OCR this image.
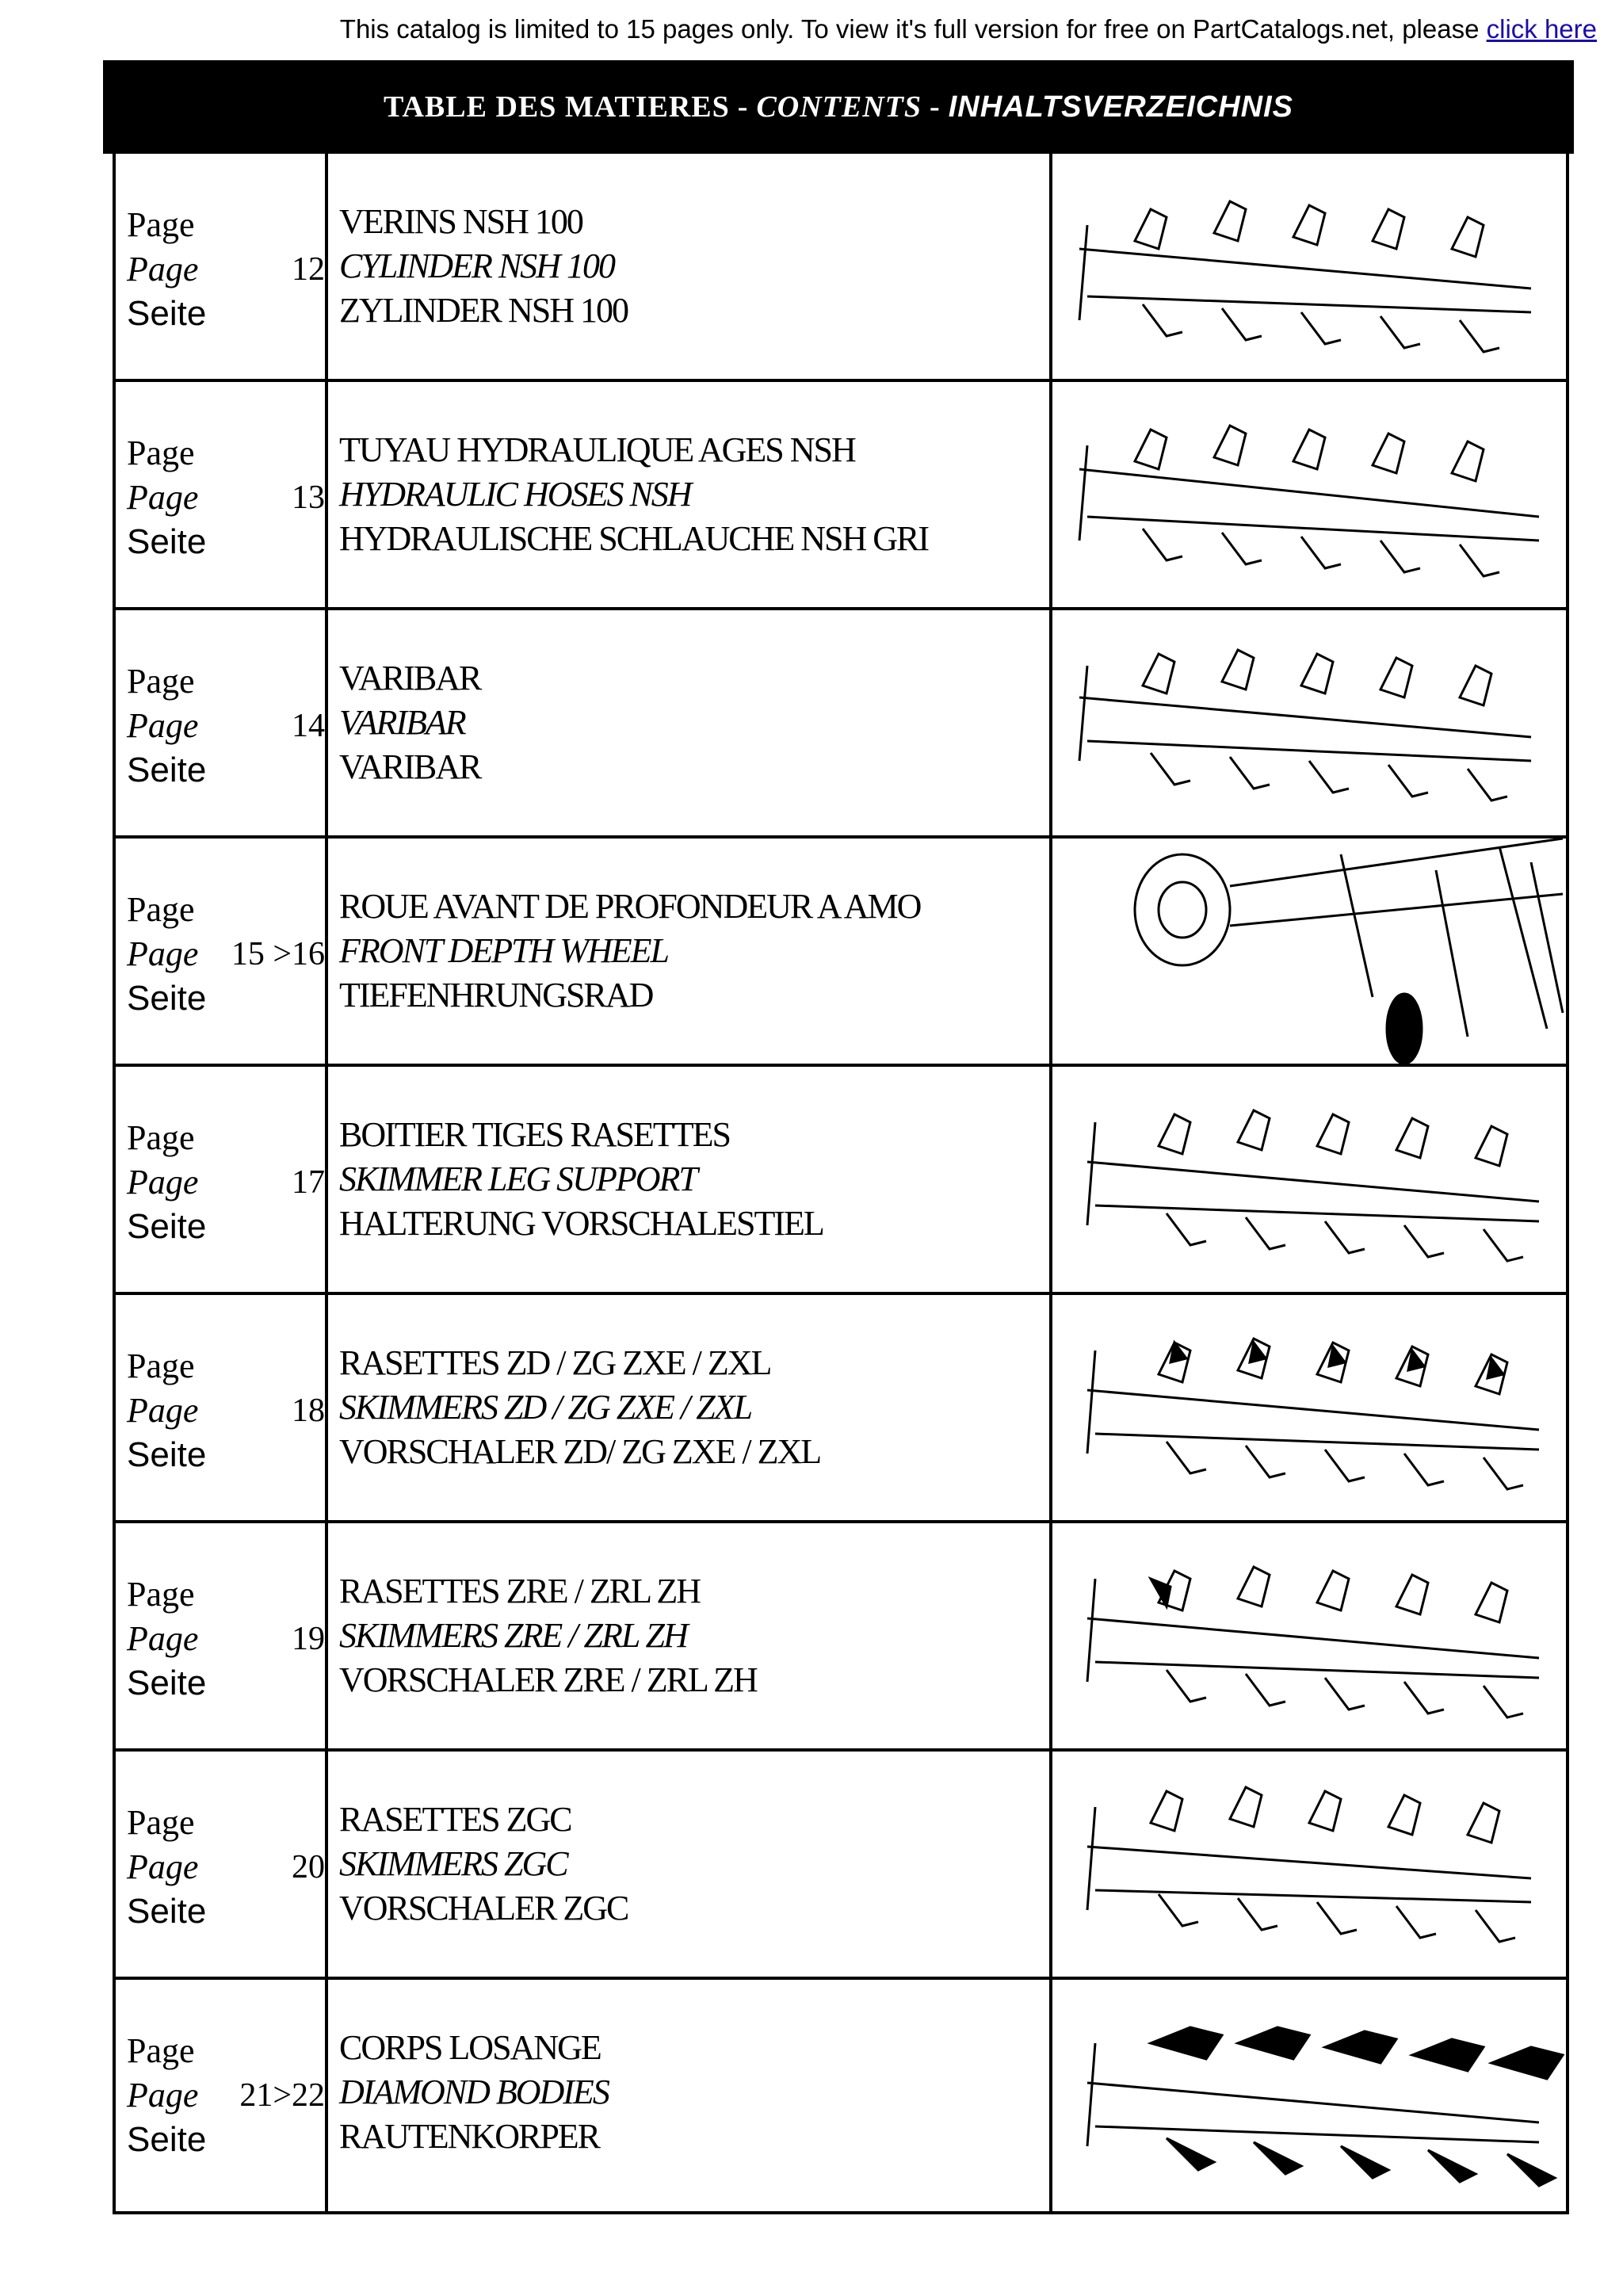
This catalog is limited to 15 pages only. To view it's full version for free on PartCatalogs.net, please click here
TABLE DES MATIERES - CONTENTS - INHALTSVERZEICHNIS
Page
Page
Seite
12
VERINS NSH 100
CYLINDER NSH 100
ZYLINDER NSH 100
Page
Page
Seite
13
TUYAU HYDRAULIQUE AGES NSH
HYDRAULIC HOSES NSH
HYDRAULISCHE SCHLAUCHE NSH GRI
Page
Page
Seite
14
VARIBAR
VARIBAR
VARIBAR
Page
Page
Seite
15 >16
ROUE AVANT DE PROFONDEUR A AMO
FRONT DEPTH WHEEL
TIEFENHRUNGSRAD
Page
Page
Seite
17
BOITIER TIGES RASETTES
SKIMMER LEG SUPPORT
HALTERUNG VORSCHALESTIEL
Page
Page
Seite
18
RASETTES ZD / ZG ZXE / ZXL
SKIMMERS ZD / ZG ZXE / ZXL
VORSCHALER ZD/ ZG ZXE / ZXL
Page
Page
Seite
19
RASETTES ZRE / ZRL ZH
SKIMMERS ZRE / ZRL ZH
VORSCHALER ZRE / ZRL ZH
Page
Page
Seite
20
RASETTES ZGC
SKIMMERS ZGC
VORSCHALER ZGC
Page
Page
Seite
21>22
CORPS LOSANGE
DIAMOND BODIES
RAUTENKORPER
